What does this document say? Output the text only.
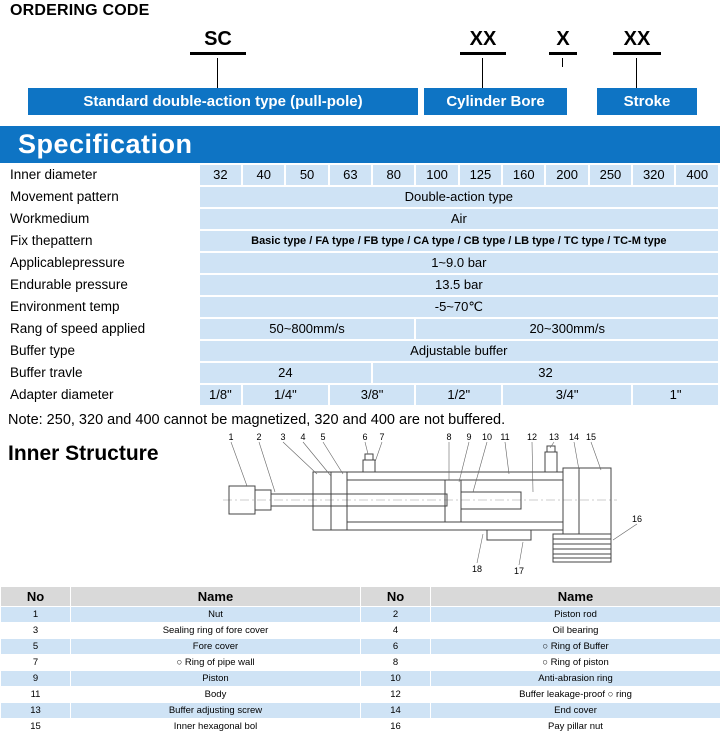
ORDERING CODE
SC	XX	X	XX
Standard double-action type (pull-pole)	Cylinder Bore	Stroke
Specification
Inner diameter	32	40	50	63	80	100	125	160	200	250	320	400
Movement pattern	Double-action type											
Workmedium	Air											
Fix thepattern	Basic type / FA type / FB type / CA type / CB type / LB type / TC type / TC-M type											
Applicablepressure	1~9.0 bar											
Endurable pressure	13.5 bar											
Environment temp	-5~70℃											
Rang of speed applied	50~800mm/s					20~300mm/s						
Buffer type	Adjustable buffer											
Buffer travle	24				32							
Adapter diameter	1/8"	1/4"		3/8"		1/2"		3/4"			1"	
Note: 250, 320 and 400 cannot be magnetized, 320 and 400 are not buffered.
Inner Structure
1	2 3 4 5	6 7	8 9 10 11 12 13 14 15
16
17
18
No	Name	No	Name
1	Nut	2	Piston rod
3	Sealing ring of fore cover	4	Oil bearing
5	Fore cover	6	○ Ring of Buffer
7	○ Ring of pipe wall	8	○ Ring of piston
9	Piston	10	Anti-abrasion ring
11	Body	12	Buffer leakage-proof ○ ring
13	Buffer adjusting screw	14	End cover
15	Inner hexagonal bol	16	Pay pillar nut
